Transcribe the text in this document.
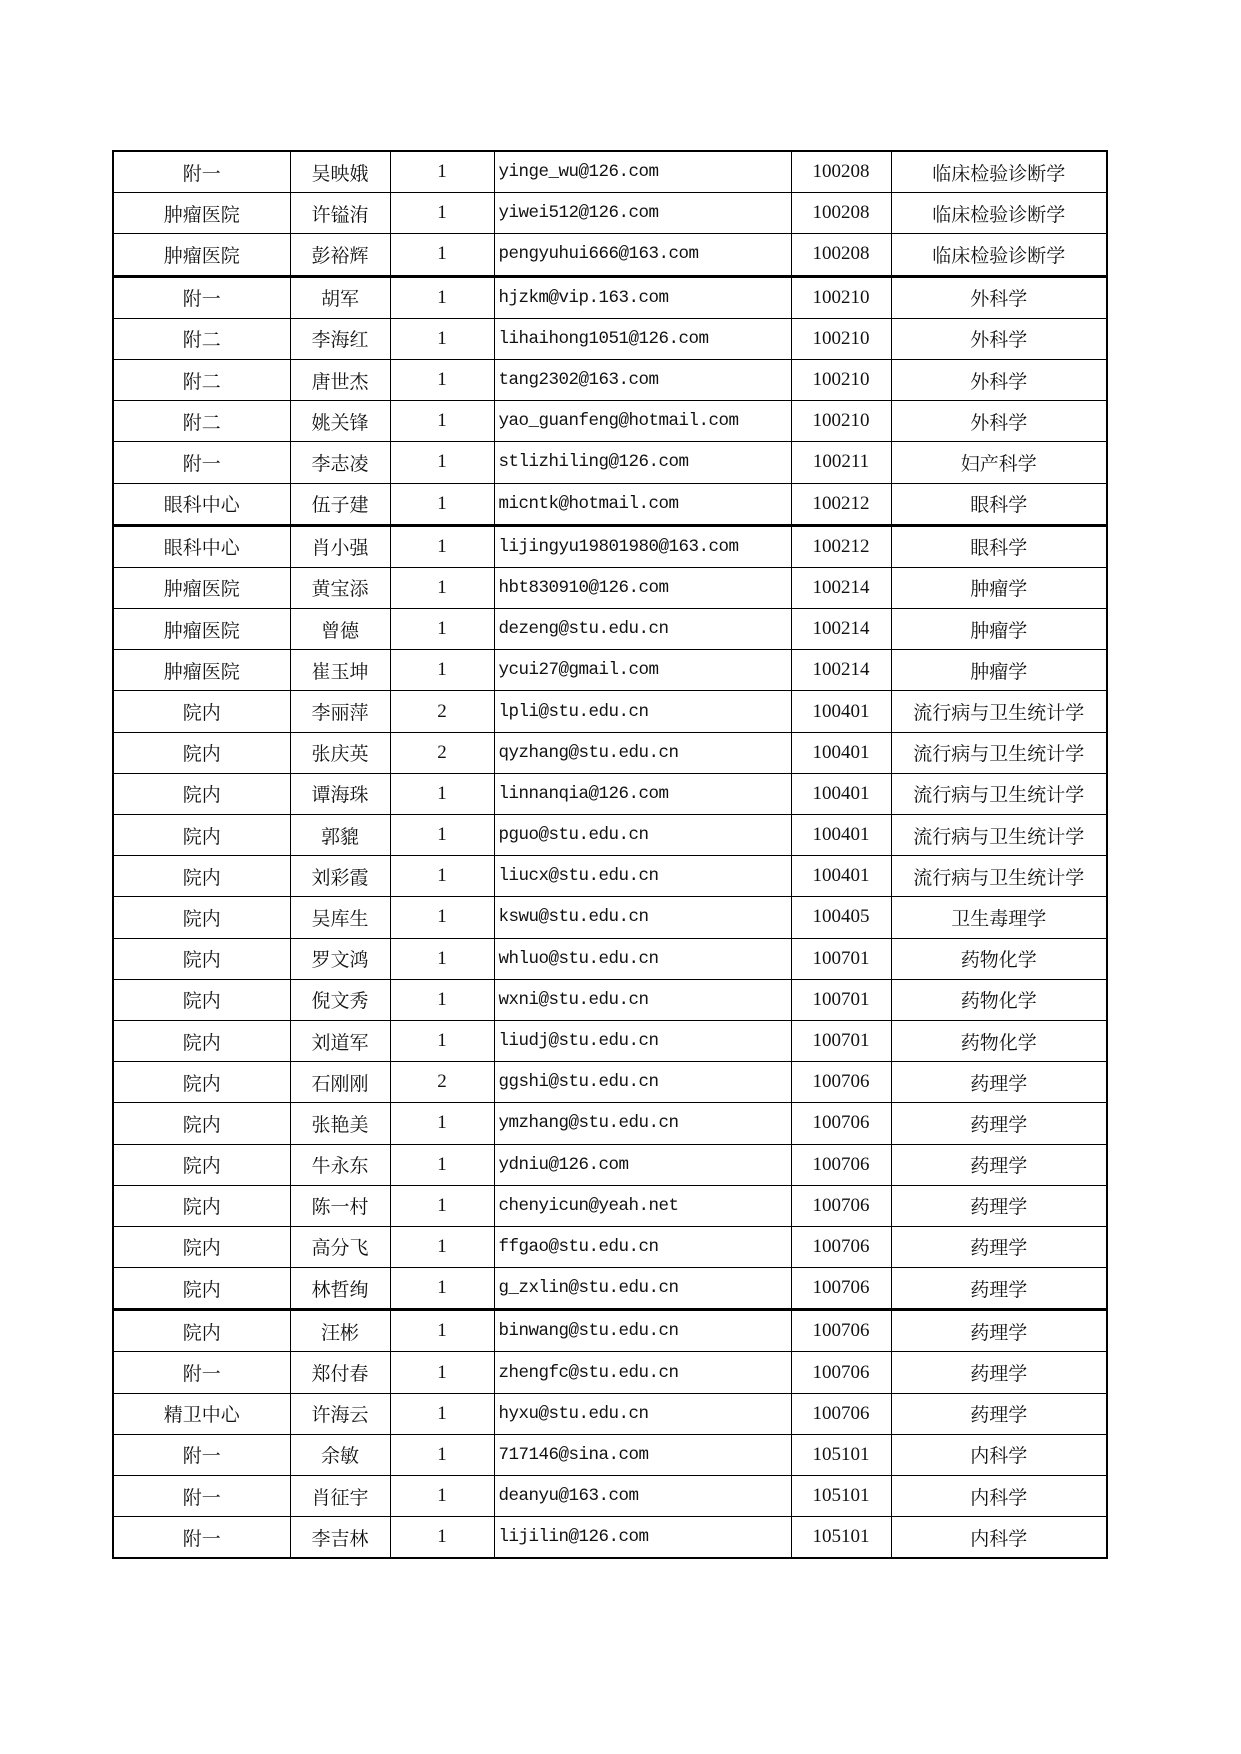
附一	吴映娥	1	yinge_wu@126.com	100208	临床检验诊断学
肿瘤医院	许镒洧	1	yiwei512@126.com	100208	临床检验诊断学
肿瘤医院	彭裕辉	1	pengyuhui666@163.com	100208	临床检验诊断学
附一	胡军	1	hjzkm@vip.163.com	100210	外科学
附二	李海红	1	lihaihong1051@126.com	100210	外科学
附二	唐世杰	1	tang2302@163.com	100210	外科学
附二	姚关锋	1	yao_guanfeng@hotmail.com	100210	外科学
附一	李志凌	1	stlizhiling@126.com	100211	妇产科学
眼科中心	伍子建	1	micntk@hotmail.com	100212	眼科学
眼科中心	肖小强	1	lijingyu19801980@163.com	100212	眼科学
肿瘤医院	黄宝添	1	hbt830910@126.com	100214	肿瘤学
肿瘤医院	曾德	1	dezeng@stu.edu.cn	100214	肿瘤学
肿瘤医院	崔玉坤	1	ycui27@gmail.com	100214	肿瘤学
院内	李丽萍	2	lpli@stu.edu.cn	100401	流行病与卫生统计学
院内	张庆英	2	qyzhang@stu.edu.cn	100401	流行病与卫生统计学
院内	谭海珠	1	linnanqia@126.com	100401	流行病与卫生统计学
院内	郭貔	1	pguo@stu.edu.cn	100401	流行病与卫生统计学
院内	刘彩霞	1	liucx@stu.edu.cn	100401	流行病与卫生统计学
院内	吴库生	1	kswu@stu.edu.cn	100405	卫生毒理学
院内	罗文鸿	1	whluo@stu.edu.cn	100701	药物化学
院内	倪文秀	1	wxni@stu.edu.cn	100701	药物化学
院内	刘道军	1	liudj@stu.edu.cn	100701	药物化学
院内	石刚刚	2	ggshi@stu.edu.cn	100706	药理学
院内	张艳美	1	ymzhang@stu.edu.cn	100706	药理学
院内	牛永东	1	ydniu@126.com	100706	药理学
院内	陈一村	1	chenyicun@yeah.net	100706	药理学
院内	高分飞	1	ffgao@stu.edu.cn	100706	药理学
院内	林哲绚	1	g_zxlin@stu.edu.cn	100706	药理学
院内	汪彬	1	binwang@stu.edu.cn	100706	药理学
附一	郑付春	1	zhengfc@stu.edu.cn	100706	药理学
精卫中心	许海云	1	hyxu@stu.edu.cn	100706	药理学
附一	余敏	1	717146@sina.com	105101	内科学
附一	肖征宇	1	deanyu@163.com	105101	内科学
附一	李吉林	1	lijilin@126.com	105101	内科学
